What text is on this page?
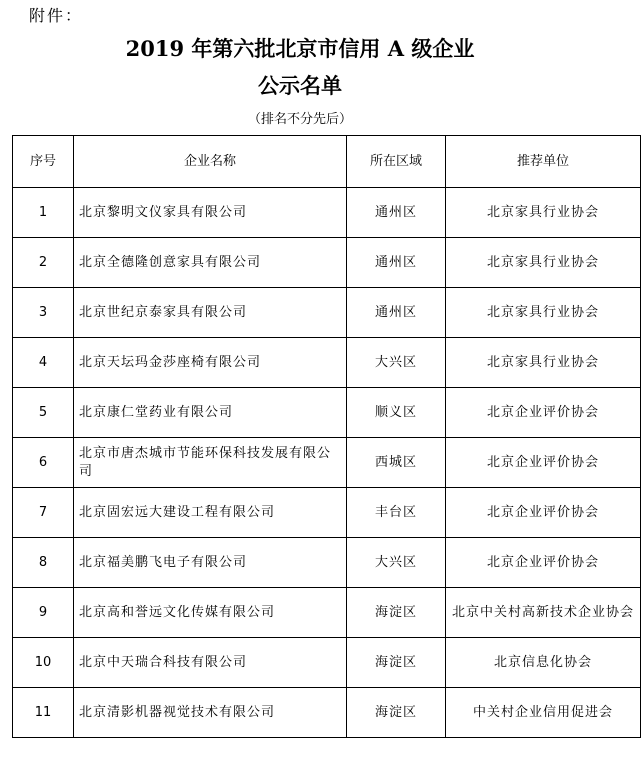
附件：
2019 年第六批北京市信用 A 级企业
公示名单
（排名不分先后）
序号	企业名称	所在区域	推荐单位
1	北京黎明文仪家具有限公司	通州区	北京家具行业协会
2	北京全德隆创意家具有限公司	通州区	北京家具行业协会
3	北京世纪京泰家具有限公司	通州区	北京家具行业协会
4	北京天坛玛金莎座椅有限公司	大兴区	北京家具行业协会
5	北京康仁堂药业有限公司	顺义区	北京企业评价协会
6	北京市唐杰城市节能环保科技发展有限公司	西城区	北京企业评价协会
7	北京固宏远大建设工程有限公司	丰台区	北京企业评价协会
8	北京福美鹏飞电子有限公司	大兴区	北京企业评价协会
9	北京高和誉远文化传媒有限公司	海淀区	北京中关村高新技术企业协会
10	北京中天瑞合科技有限公司	海淀区	北京信息化协会
11	北京清影机器视觉技术有限公司	海淀区	中关村企业信用促进会
